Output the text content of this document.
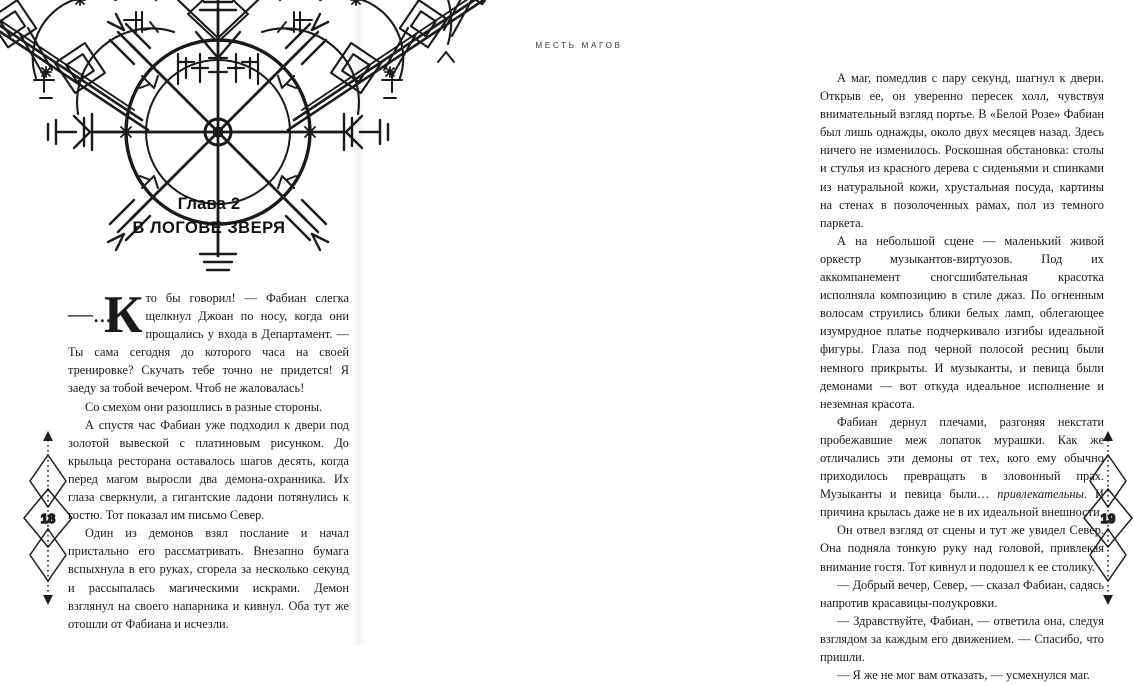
Глава 2
В ЛОГОВЕ ЗВЕРЯ

—...
К то бы говорил! — Фабиан слегка щелкнул Джоан по носу, когда они прощались у входа в Департамент. — Ты сама сегодня до которого часа на своей тренировке? Скучать тебе точно не придется! Я заеду за тобой вечером. Чтоб не жаловалась!

Со смехом они разошлись в разные стороны.

А спустя час Фабиан уже подходил к двери под золотой вывеской с платиновым рисунком. До крыльца ресторана оставалось шагов десять, когда перед магом выросли два демона-охранника. Их глаза сверкнули, а гигантские ладони потянулись к гостю. Тот показал им письмо Север.

Один из демонов взял послание и начал пристально его рассматривать. Внезапно бумага вспыхнула в его руках, сгорела за несколько секунд и рассыпалась магическими искрами. Демон взглянул на своего напарника и кивнул. Оба тут же отошли от Фабиана и исчезли.

18
МЕСТЬ МАГОВ

А маг, помедлив с пару секунд, шагнул к двери. Открыв ее, он уверенно пересек холл, чувствуя внимательный взгляд портье. В «Белой Розе» Фабиан был лишь однажды, около двух месяцев назад. Здесь ничего не изменилось. Роскошная обстановка: столы и стулья из красного дерева с сиденьями и спинками из натуральной кожи, хрустальная посуда, картины на стенах в позолоченных рамах, пол из темного паркета.

А на небольшой сцене — маленький живой оркестр музыкантов-виртуозов. Под их аккомпанемент сногсшибательная красотка исполняла композицию в стиле джаз. По огненным волосам струились блики белых ламп, облегающее изумрудное платье подчеркивало изгибы идеальной фигуры. Глаза под черной полосой ресниц были немного прикрыты. И музыканты, и певица были демонами — вот откуда идеальное исполнение и неземная красота.

Фабиан дернул плечами, разгоняя некстати пробежавшие меж лопаток мурашки. Как же отличались эти демоны от тех, кого ему обычно приходилось превращать в зловонный прах. Музыканты и певица были… привлекательны. И причина крылась даже не в их идеальной внешности.

Он отвел взгляд от сцены и тут же увидел Север. Она подняла тонкую руку над головой, привлекая внимание гостя. Тот кивнул и подошел к ее столику.

— Добрый вечер, Север, — сказал Фабиан, садясь напротив красавицы-полукровки.

— Здравствуйте, Фабиан, — ответила она, следуя взглядом за каждым его движением. — Спасибо, что пришли.

— Я же не мог вам отказать, — усмехнулся маг.

19
